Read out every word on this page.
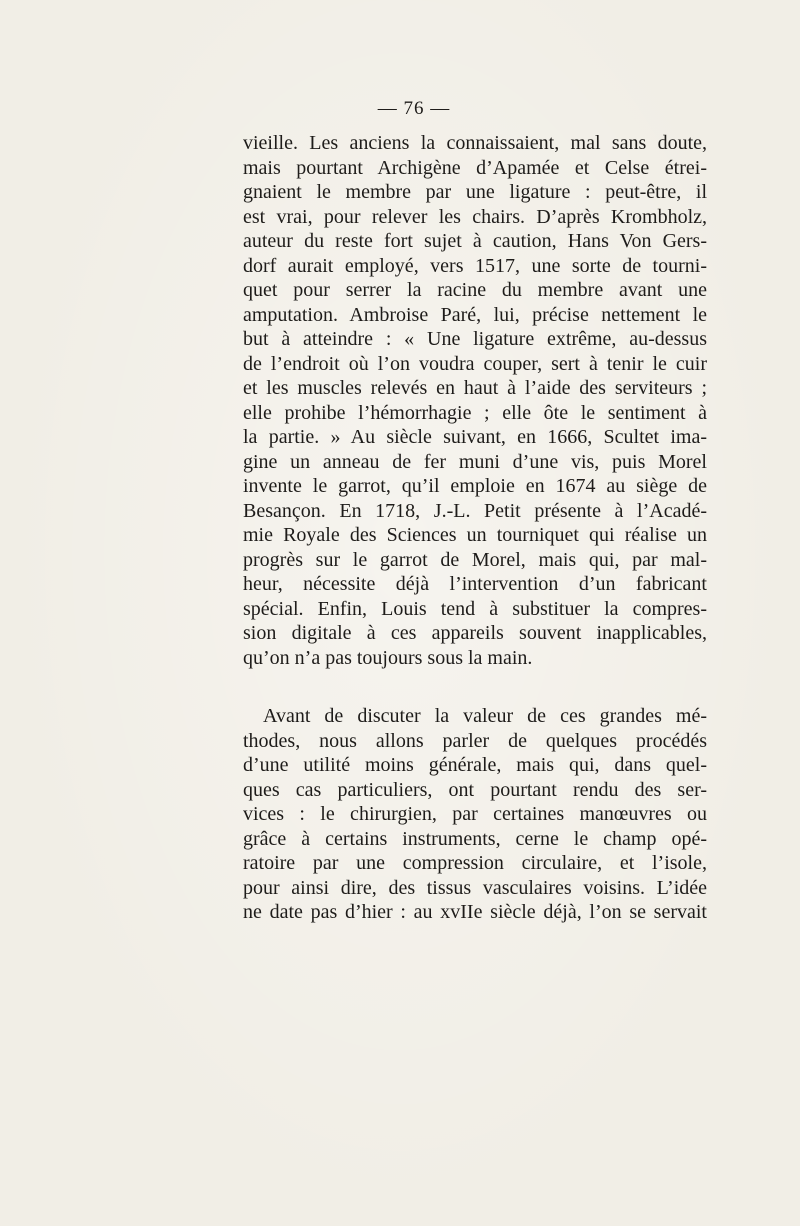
— 76 —
vieille. Les anciens la connaissaient, mal sans doute,
mais pourtant Archigène d’Apamée et Celse étrei-
gnaient le membre par une ligature : peut-être, il
est vrai, pour relever les chairs. D’après Krombholz,
auteur du reste fort sujet à caution, Hans Von Gers-
dorf aurait employé, vers 1517, une sorte de tourni-
quet pour serrer la racine du membre avant une
amputation. Ambroise Paré, lui, précise nettement le
but à atteindre : « Une ligature extrême, au-dessus
de l’endroit où l’on voudra couper, sert à tenir le cuir
et les muscles relevés en haut à l’aide des serviteurs ;
elle prohibe l’hémorrhagie ; elle ôte le sentiment à
la partie. » Au siècle suivant, en 1666, Scultet ima-
gine un anneau de fer muni d’une vis, puis Morel
invente le garrot, qu’il emploie en 1674 au siège de
Besançon. En 1718, J.-L. Petit présente à l’Acadé-
mie Royale des Sciences un tourniquet qui réalise un
progrès sur le garrot de Morel, mais qui, par mal-
heur, nécessite déjà l’intervention d’un fabricant
spécial. Enfin, Louis tend à substituer la compres-
sion digitale à ces appareils souvent inapplicables,
qu’on n’a pas toujours sous la main.
Avant de discuter la valeur de ces grandes mé-
thodes, nous allons parler de quelques procédés
d’une utilité moins générale, mais qui, dans quel-
ques cas particuliers, ont pourtant rendu des ser-
vices : le chirurgien, par certaines manœuvres ou
grâce à certains instruments, cerne le champ opé-
ratoire par une compression circulaire, et l’isole,
pour ainsi dire, des tissus vasculaires voisins. L’idée
ne date pas d’hier : au xvIIe siècle déjà, l’on se servait
